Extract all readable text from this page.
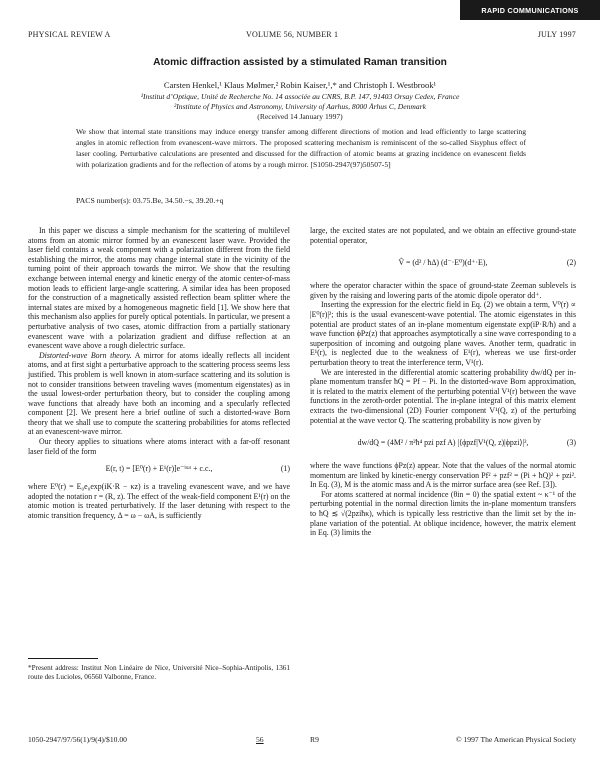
RAPID COMMUNICATIONS
PHYSICAL REVIEW A	VOLUME 56, NUMBER 1	JULY 1997
Atomic diffraction assisted by a stimulated Raman transition
Carsten Henkel,¹ Klaus Mølmer,² Robin Kaiser,¹,* and Christoph I. Westbrook¹
¹Institut d’Optique, Unité de Recherche No. 14 associée au CNRS, B.P. 147, 91403 Orsay Cedex, France
²Institute of Physics and Astronomy, University of Aarhus, 8000 Århus C, Denmark
(Received 14 January 1997)
We show that internal state transitions may induce energy transfer among different directions of motion and lead efficiently to large scattering angles in atomic reflection from evanescent-wave mirrors. The proposed scattering mechanism is reminiscent of the so-called Sisyphus effect of laser cooling. Perturbative calculations are presented and discussed for the diffraction of atomic beams at grazing incidence on evanescent fields with polarization gradients and for the reflection of atoms by a rough mirror. [S1050-2947(97)50507-5]
PACS number(s): 03.75.Be, 34.50.−s, 39.20.+q

In this paper we discuss a simple mechanism for the scattering of multilevel atoms from an atomic mirror formed by an evanescent laser wave. Provided the laser field contains a weak component with a polarization different from the field establishing the mirror, the atoms may change internal state in the vicinity of the turning point of their approach towards the mirror. We show that the resulting exchange between internal energy and kinetic energy of the atomic center-of-mass motion leads to efficient large-angle scattering. A similar idea has been proposed for the construction of a magnetically assisted reflection beam splitter where the internal states are mixed by a homogeneous magnetic field [1]. We show here that this mechanism also applies for purely optical potentials. In particular, we present a perturbative analysis of two cases, atomic diffraction from a partially stationary evanescent wave with a polarization gradient and diffuse reflection at an evanescent wave above a rough dielectric surface.

Distorted-wave Born theory. A mirror for atoms ideally reflects all incident atoms, and at first sight a perturbative approach to the scattering process seems less justified. This problem is well known in atom-surface scattering and its solution is not to consider transitions between traveling waves (momentum eigenstates) as in the usual lowest-order perturbation theory, but to consider the coupling among wave functions that already have both an incoming and a specularly reflected component [2]. We present here a brief outline of such a distorted-wave Born theory that we shall use to compute the scattering probabilities for atoms reflected at an evanescent-wave mirror.

Our theory applies to situations where atoms interact with a far-off resonant laser field of the form

E(r, t) = [E⁰(r) + E¹(r)]e⁻ⁱᵚᵗ + c.c.,	(1)

where E⁰(r) = E₀e₀exp(iK·R − κz) is a traveling evanescent wave, and we have adopted the notation r = (R, z). The effect of the weak-field component E¹(r) on the atomic motion is treated perturbatively. If the laser detuning with respect to the atomic transition frequency, Δ = ω − ωA, is sufficiently

large, the excited states are not populated, and we obtain an effective ground-state potential operator,

V̂ = (d² / ħΔ) (d⁻·E⁰)(d⁺·E),	(2)

where the operator character within the space of ground-state Zeeman sublevels is given by the raising and lowering parts of the atomic dipole operator dd⁺.

Inserting the expression for the electric field in Eq. (2) we obtain a term, V⁰(r) ∝ |E⁰(r)|²; this is the usual evanescent-wave potential. The atomic eigenstates in this potential are product states of an in-plane momentum eigenstate exp(iP·R/ħ) and a wave function ϕPz(z) that approaches asymptotically a sine wave corresponding to a superposition of incoming and outgoing plane waves. Another term, quadratic in E¹(r), is neglected due to the weakness of E¹(r), whereas we use first-order perturbation theory to treat the interference term, V¹(r).

We are interested in the differential atomic scattering probability dw/dQ per in-plane momentum transfer ħQ = Pf − Pi. In the distorted-wave Born approximation, it is related to the matrix element of the perturbing potential V¹(r) between the wave functions in the zeroth-order potential. The in-plane integral of this matrix element extracts the two-dimensional (2D) Fourier component V¹(Q, z) of the perturbing potential at the wave vector Q. The scattering probability is now given by

dw/dQ = (4M² / π²ħ⁴ pzi pzf A) |⟨ϕpzf|V¹(Q, z)|ϕpzi⟩|²,	(3)

where the wave functions ϕPz(z) appear. Note that the values of the normal atomic momentum are linked by kinetic-energy conservation Pf² + pzf² = (Pi + ħQ)² + pzi². In Eq. (3), M is the atomic mass and A is the mirror surface area (see Ref. [3]).

For atoms scattered at normal incidence (θin = 0) the spatial extent ~ κ⁻¹ of the perturbing potential in the normal direction limits the in-plane momentum transfers to ħQ ≲ √(2pziħκ), which is typically less restrictive than the limit set by the in-plane variation of the potential. At oblique incidence, however, the matrix element in Eq. (3) limits the

*Present address: Institut Non Linéaire de Nice, Université Nice–Sophia-Antipolis, 1361 route des Lucioles, 06560 Valbonne, France.
1050-2947/97/56(1)/9(4)/$10.00	56	R9	© 1997 The American Physical Society
